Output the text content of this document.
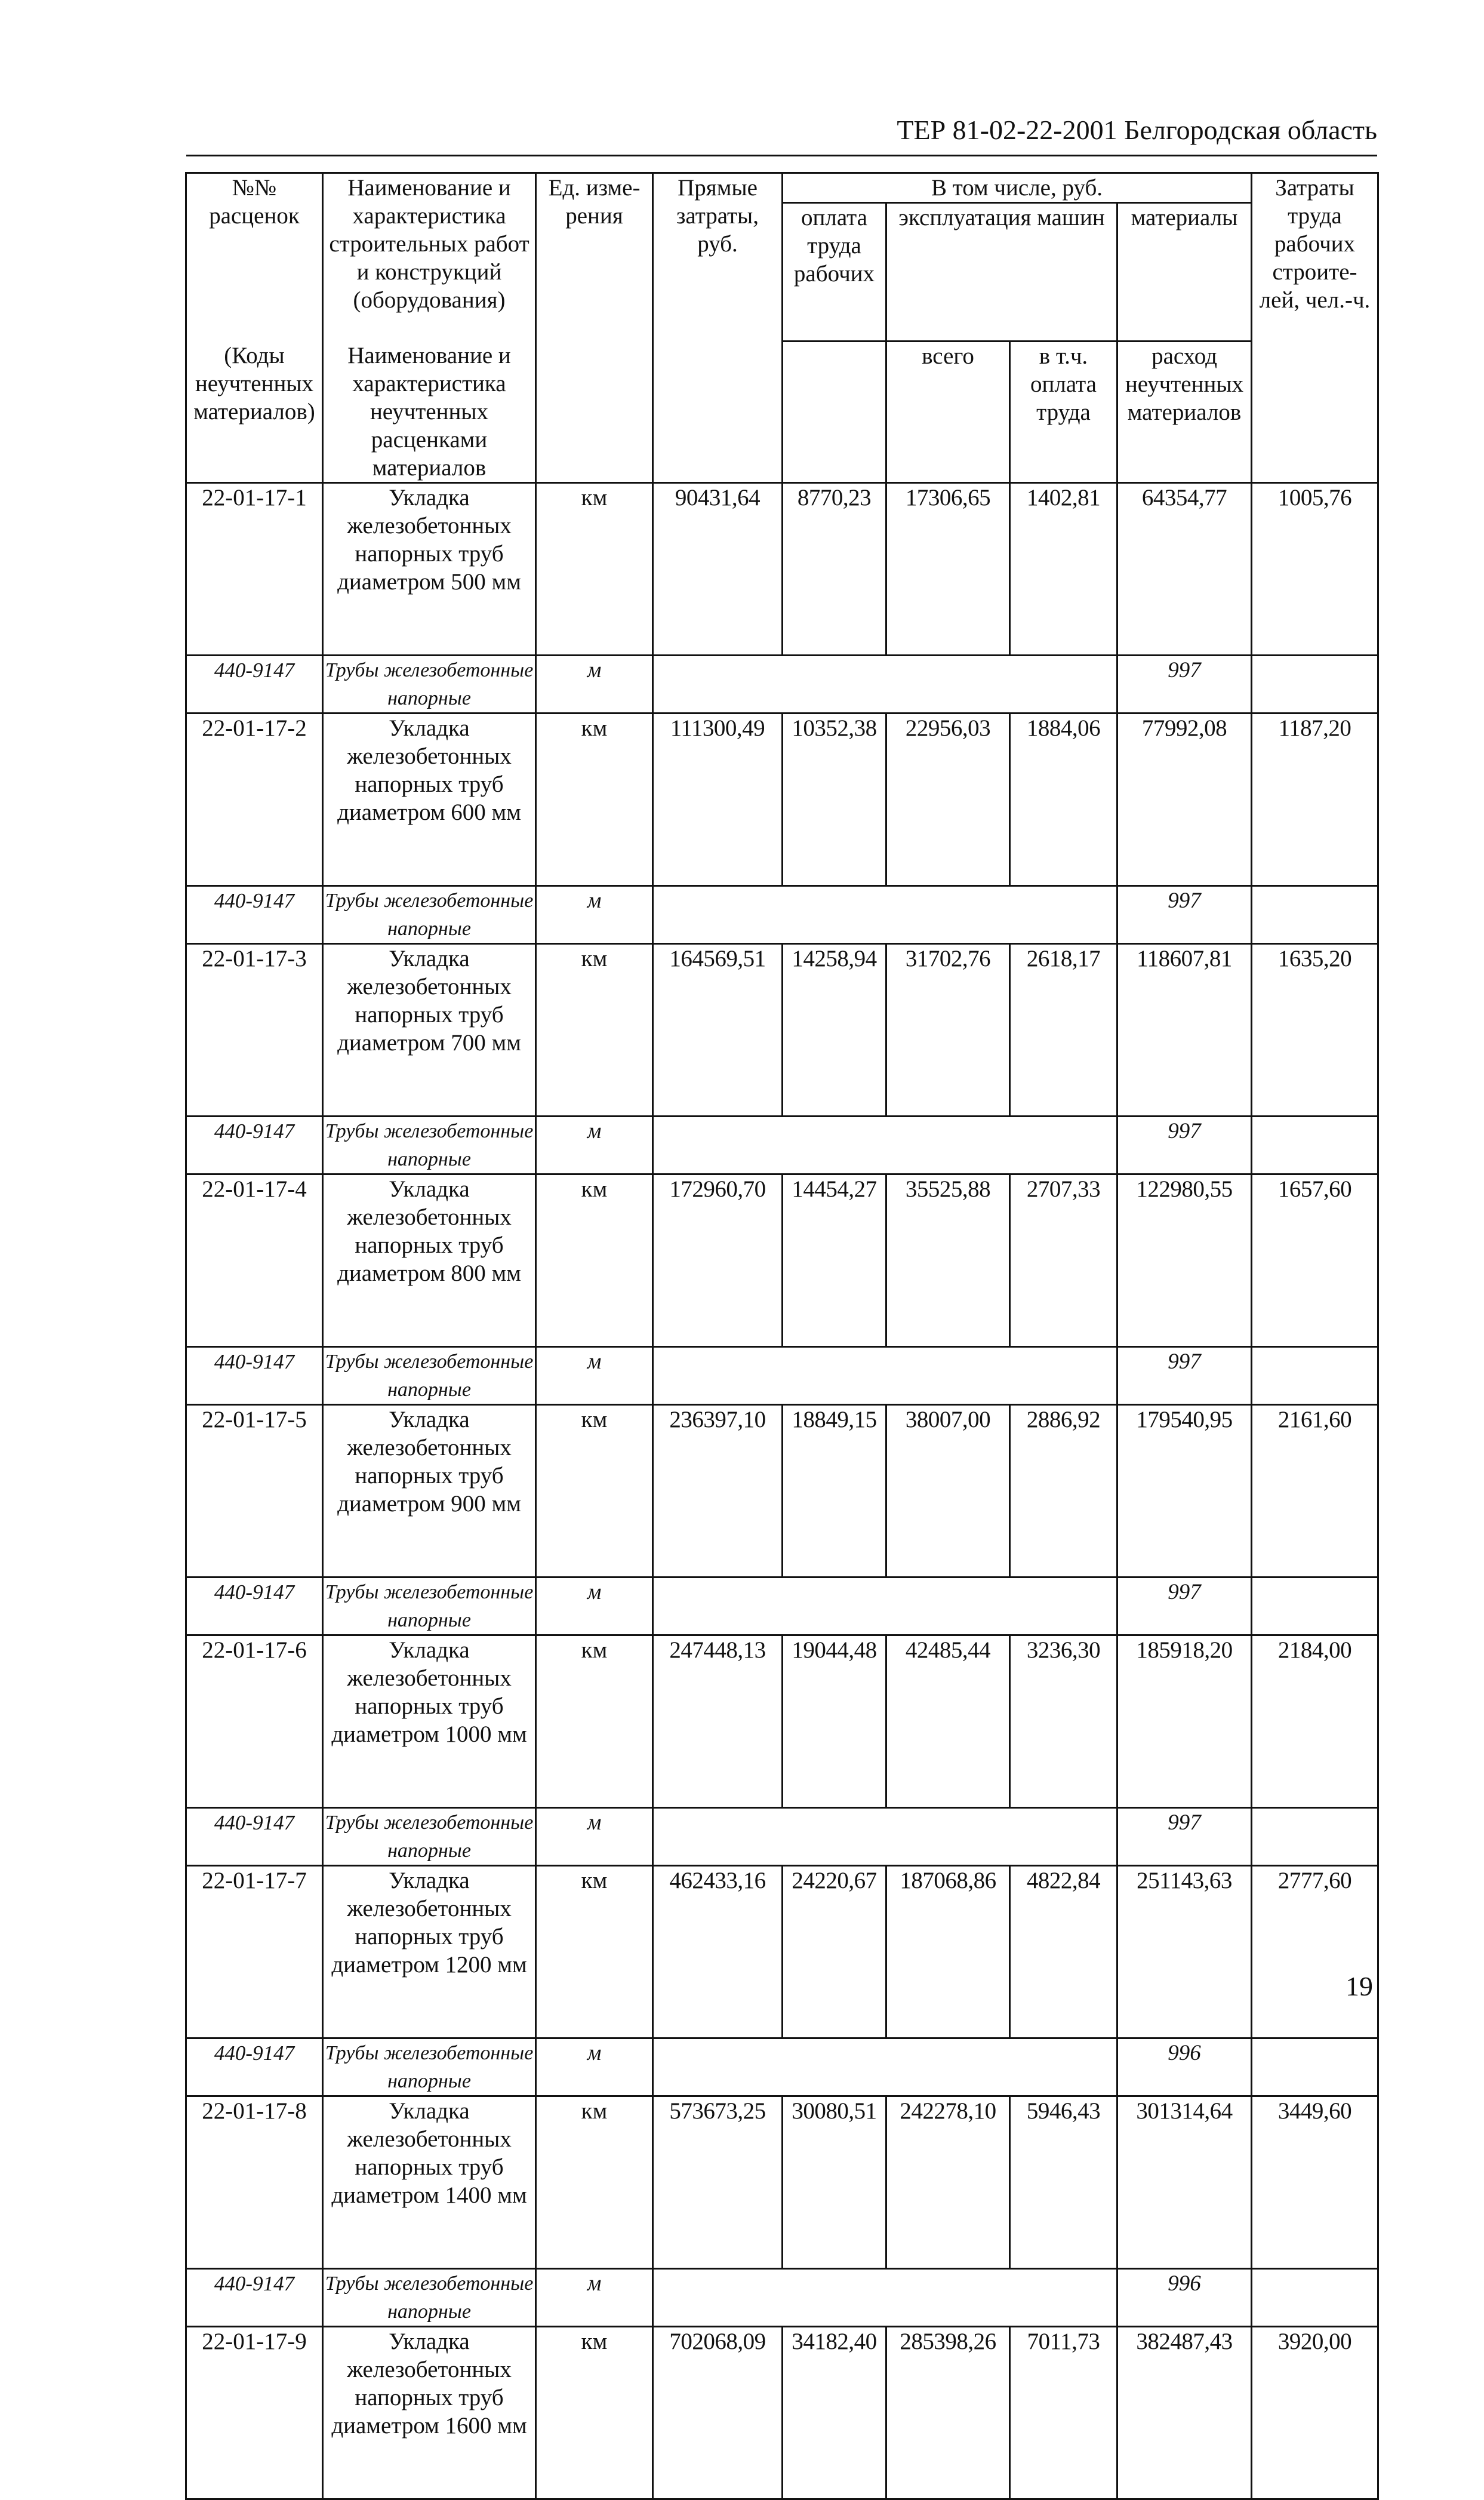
ТЕР 81-02-22-2001 Белгородская область
№№ расценок	Наименование и характеристика строительных работ и конструкций (оборудования)	Ед. изме-рения	Прямые затраты, руб.	В том числе, руб.				Затраты труда рабочих строите-лей, чел.-ч.
				оплата труда рабочих	эксплуатация машин		материалы	
(Коды неучтенных материалов)	Наименование и характеристика неучтенных расценками материалов				всего	в т.ч. оплата труда	расход неучтенных материалов	
22-01-17-1	Укладка железобетонных напорных труб диаметром 500 мм	км	90431,64	8770,23	17306,65	1402,81	64354,77	1005,76
440-9147	Трубы железобетонные напорные	м					997	
22-01-17-2	Укладка железобетонных напорных труб диаметром 600 мм	км	111300,49	10352,38	22956,03	1884,06	77992,08	1187,20
440-9147	Трубы железобетонные напорные	м					997	
22-01-17-3	Укладка железобетонных напорных труб диаметром 700 мм	км	164569,51	14258,94	31702,76	2618,17	118607,81	1635,20
440-9147	Трубы железобетонные напорные	м					997	
22-01-17-4	Укладка железобетонных напорных труб диаметром 800 мм	км	172960,70	14454,27	35525,88	2707,33	122980,55	1657,60
440-9147	Трубы железобетонные напорные	м					997	
22-01-17-5	Укладка железобетонных напорных труб диаметром 900 мм	км	236397,10	18849,15	38007,00	2886,92	179540,95	2161,60
440-9147	Трубы железобетонные напорные	м					997	
22-01-17-6	Укладка железобетонных напорных труб диаметром 1000 мм	км	247448,13	19044,48	42485,44	3236,30	185918,20	2184,00
440-9147	Трубы железобетонные напорные	м					997	
22-01-17-7	Укладка железобетонных напорных труб диаметром 1200 мм	км	462433,16	24220,67	187068,86	4822,84	251143,63	2777,60
440-9147	Трубы железобетонные напорные	м					996	
22-01-17-8	Укладка железобетонных напорных труб диаметром 1400 мм	км	573673,25	30080,51	242278,10	5946,43	301314,64	3449,60
440-9147	Трубы железобетонные напорные	м					996	
22-01-17-9	Укладка железобетонных напорных труб диаметром 1600 мм	км	702068,09	34182,40	285398,26	7011,73	382487,43	3920,00
19
